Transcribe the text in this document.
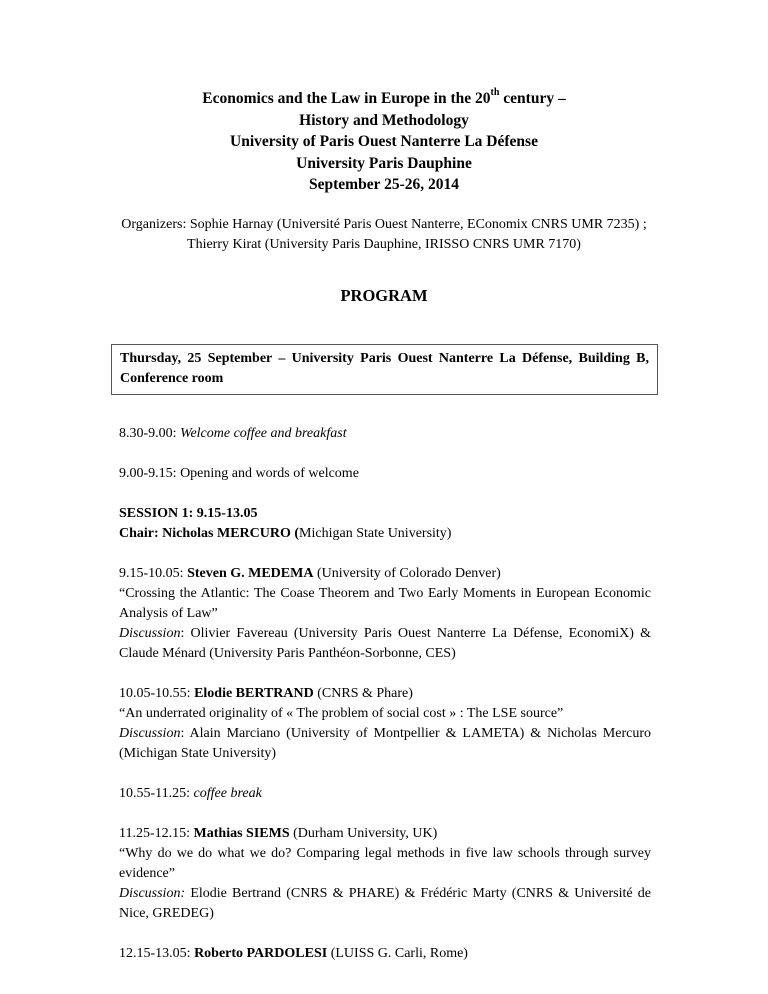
Economics and the Law in Europe in the 20th century –
History and Methodology
University of Paris Ouest Nanterre La Défense
University Paris Dauphine
September 25-26, 2014
Organizers: Sophie Harnay (Université Paris Ouest Nanterre, EConomix CNRS UMR 7235) ;
Thierry Kirat (University Paris Dauphine, IRISSO CNRS UMR 7170)
PROGRAM
Thursday, 25 September – University Paris Ouest Nanterre La Défense, Building B, Conference room

8.30-9.00: Welcome coffee and breakfast

9.00-9.15: Opening and words of welcome

SESSION 1: 9.15-13.05
Chair: Nicholas MERCURO (Michigan State University)

9.15-10.05: Steven G. MEDEMA (University of Colorado Denver)
“Crossing the Atlantic: The Coase Theorem and Two Early Moments in European Economic Analysis of Law”
Discussion: Olivier Favereau (University Paris Ouest Nanterre La Défense, EconomiX) & Claude Ménard (University Paris Panthéon-Sorbonne, CES)

10.05-10.55: Elodie BERTRAND (CNRS & Phare)
“An underrated originality of « The problem of social cost » : The LSE source”
Discussion: Alain Marciano (University of Montpellier & LAMETA) & Nicholas Mercuro (Michigan State University)

10.55-11.25: coffee break

11.25-12.15: Mathias SIEMS (Durham University, UK)
“Why do we do what we do? Comparing legal methods in five law schools through survey evidence”
Discussion: Elodie Bertrand (CNRS & PHARE) & Frédéric Marty (CNRS & Université de Nice, GREDEG)

12.15-13.05: Roberto PARDOLESI (LUISS G. Carli, Rome)
